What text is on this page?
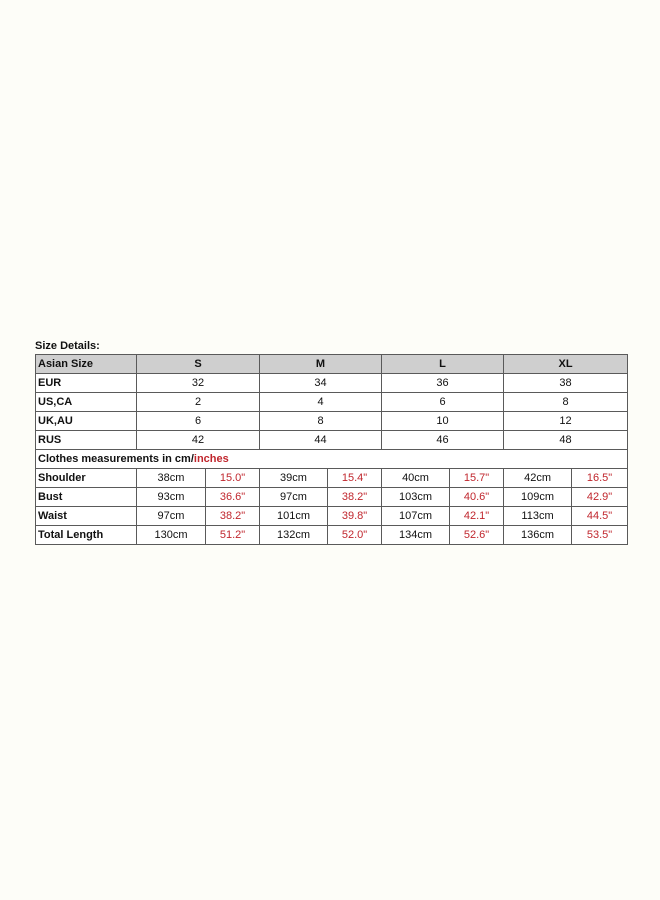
Size Details:
Asian Size	S		M		L		XL	
EUR	32		34		36		38	
US,CA	2		4		6		8	
UK,AU	6		8		10		12	
RUS	42		44		46		48	
Clothes measurements in cm/inches								
Shoulder	38cm	15.0"	39cm	15.4"	40cm	15.7"	42cm	16.5"
Bust	93cm	36.6"	97cm	38.2"	103cm	40.6"	109cm	42.9"
Waist	97cm	38.2"	101cm	39.8"	107cm	42.1"	113cm	44.5"
Total Length	130cm	51.2"	132cm	52.0"	134cm	52.6"	136cm	53.5"
